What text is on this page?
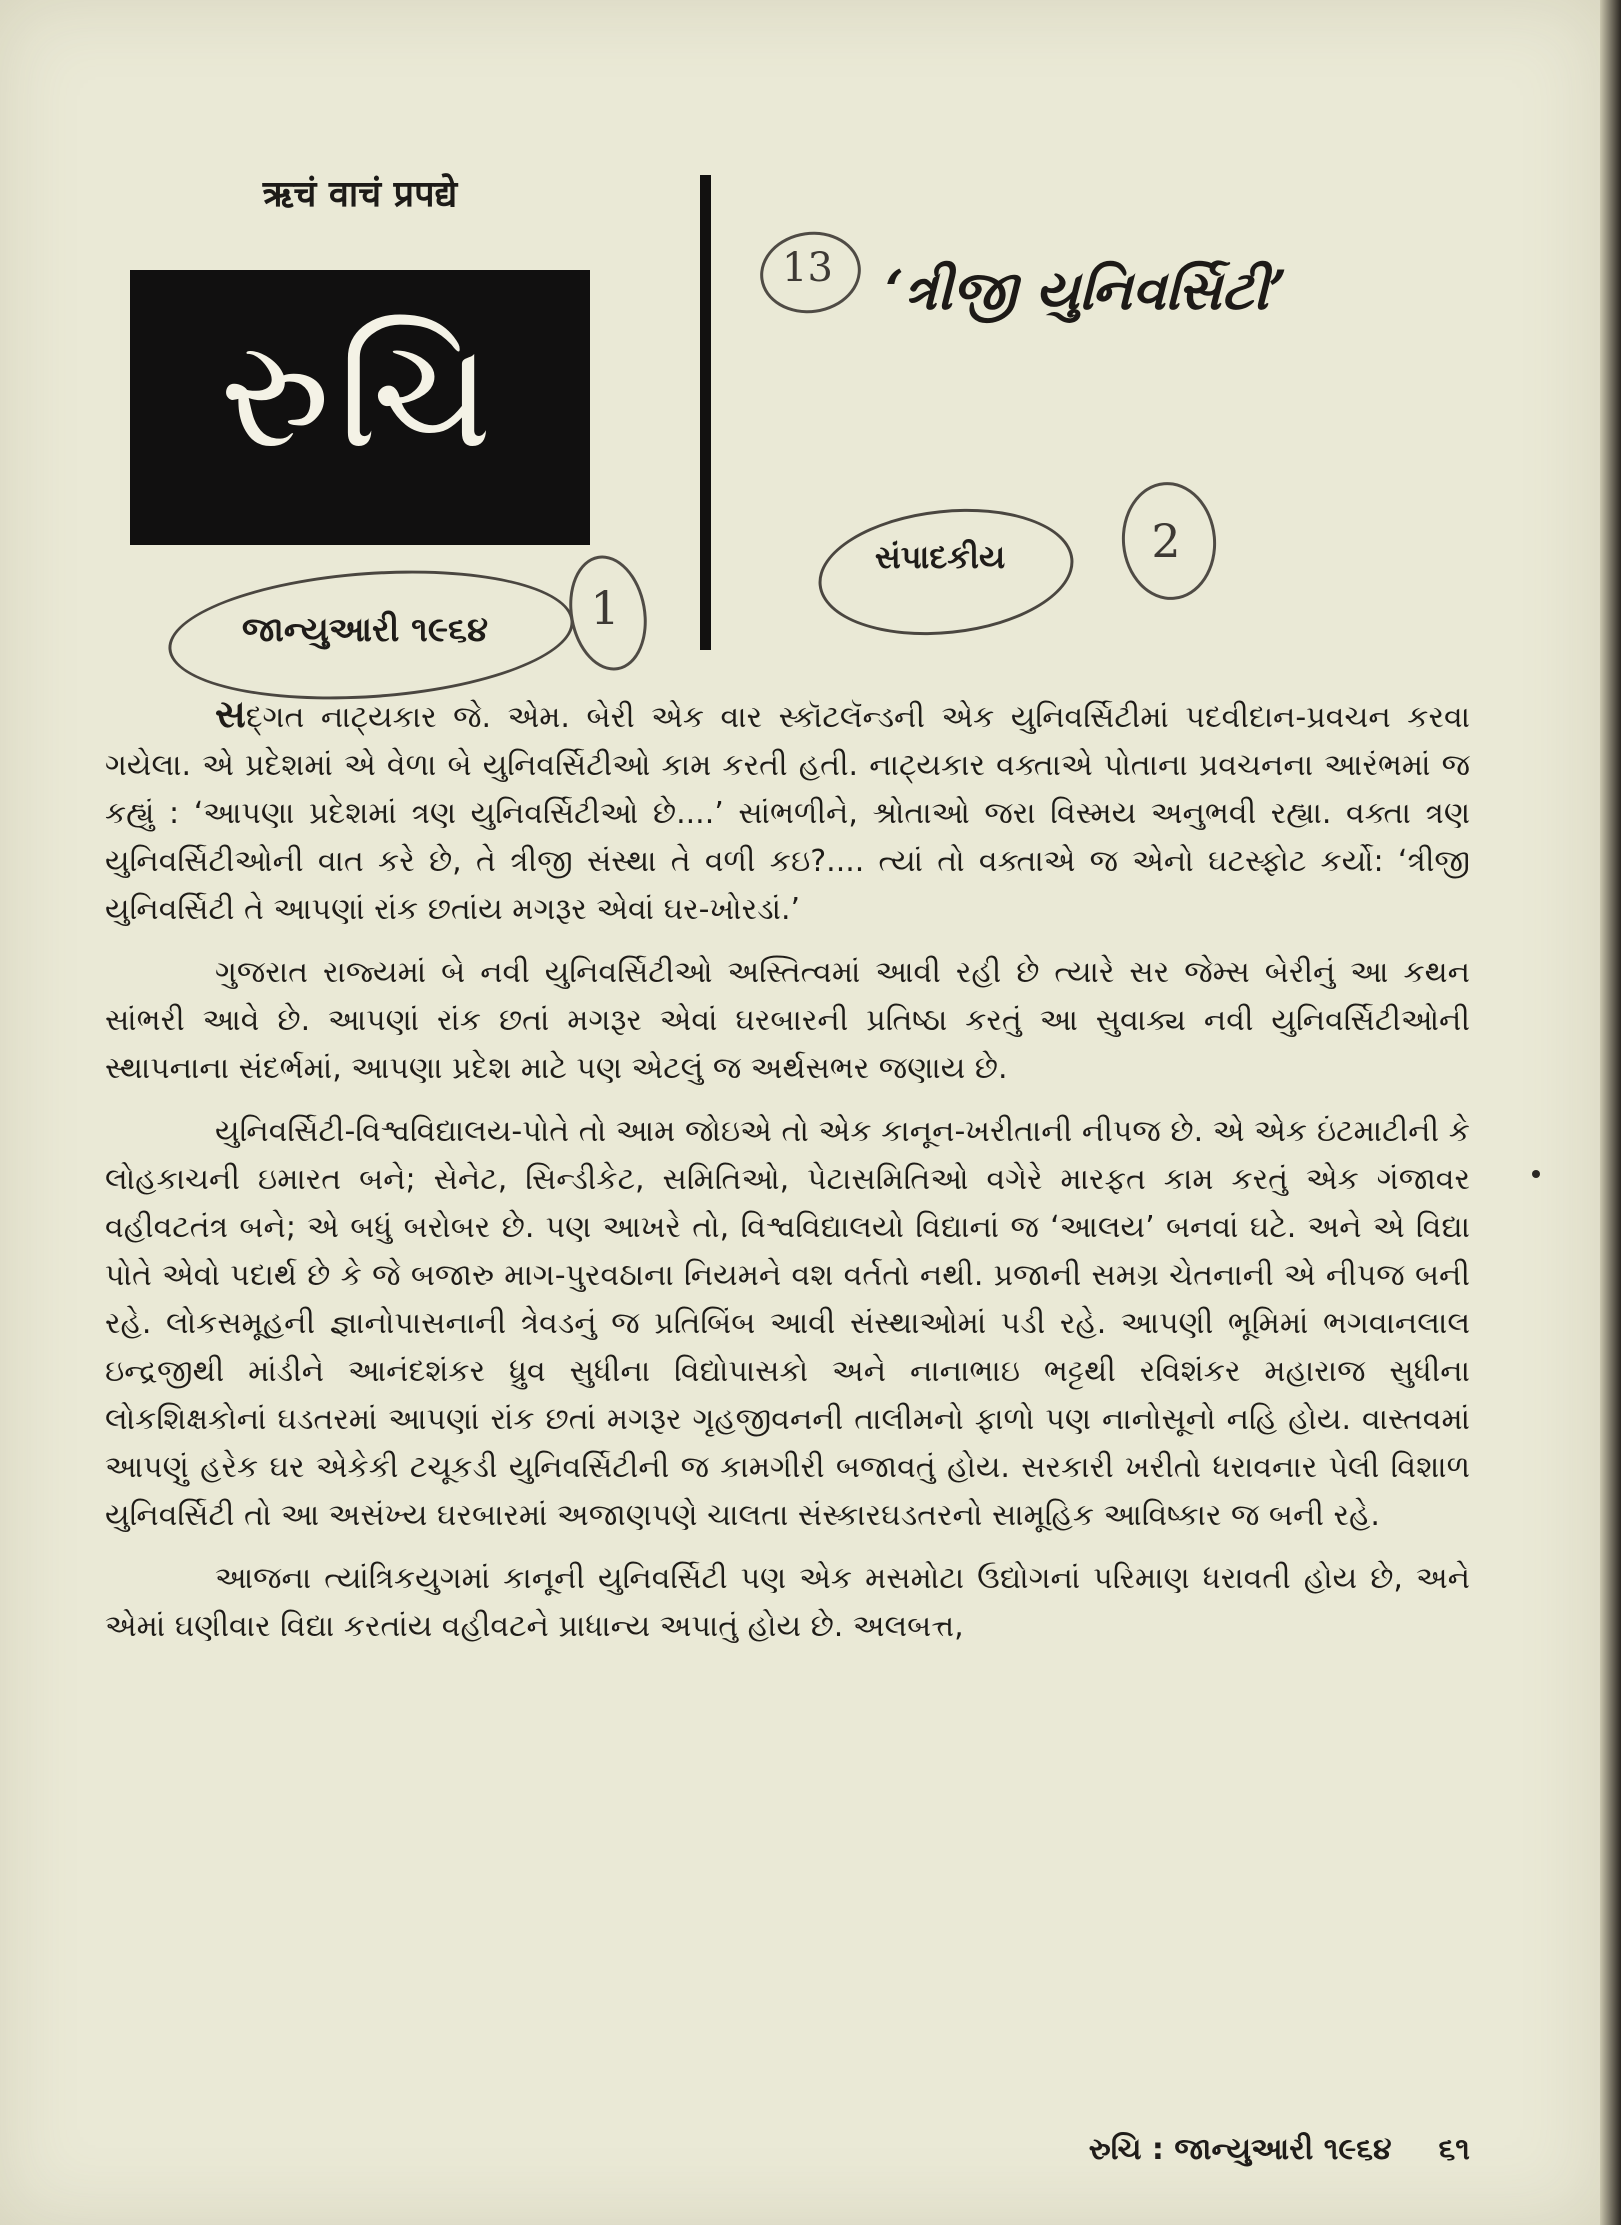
ऋचं वाचं प्रपद्ये
રુચિ
જાન્યુઆરી ૧૯૬૪	1
13 ‘ત્રીજી યુનિવર્સિટી’
સંપાદકીય	2

સદ્ગત નાટ્યકાર જે. એમ. બેરી એક વાર સ્કૉટલૅન્ડની એક યુનિવર્સિટીમાં પદવીદાન-પ્રવચન કરવા ગયેલા. એ પ્રદેશમાં એ વેળા બે યુનિવર્સિટીઓ કામ કરતી હતી. નાટ્યકાર વક્તાએ પોતાના પ્રવચનના આરંભમાં જ કહ્યું : ‘આપણા પ્રદેશમાં ત્રણ યુનિવર્સિટીઓ છે....’ સાંભળીને, શ્રોતાઓ જરા વિસ્મય અનુભવી રહ્યા. વક્તા ત્રણ યુનિવર્સિટીઓની વાત કરે છે, તે ત્રીજી સંસ્થા તે વળી કઇ?.... ત્યાં તો વક્તાએ જ એનો ઘટસ્ફોટ કર્યો: ‘ત્રીજી યુનિવર્સિટી તે આપણાં રાંક છતાંય મગરૂર એવાં ઘર-ખોરડાં.’

ગુજરાત રાજ્યમાં બે નવી યુનિવર્સિટીઓ અસ્તિત્વમાં આવી રહી છે ત્યારે સર જેમ્સ બેરીનું આ કથન સાંભરી આવે છે. આપણાં રાંક છતાં મગરૂર એવાં ઘરબારની પ્રતિષ્ઠા કરતું આ સુવાક્ય નવી યુનિવર્સિટીઓની સ્થાપનાના સંદર્ભમાં, આપણા પ્રદેશ માટે પણ એટલું જ અર્થસભર જણાય છે.

યુનિવર્સિટી-વિશ્વવિદ્યાલય-પોતે તો આમ જોઇએ તો એક કાનૂન-ખરીતાની નીપજ છે. એ એક ઇંટમાટીની કે લોહકાચની ઇમારત બને; સેનેટ, સિન્ડીકેટ, સમિતિઓ, પેટાસમિતિઓ વગેરે મારફત કામ કરતું એક ગંજાવર વહીવટતંત્ર બને; એ બધું બરોબર છે. પણ આખરે તો, વિશ્વવિદ્યાલયો વિદ્યાનાં જ ‘આલય’ બનવાં ઘટે. અને એ વિદ્યા પોતે એવો પદાર્થ છે કે જે બજારુ માગ-પુરવઠાના નિયમને વશ વર્તતો નથી. પ્રજાની સમગ્ર ચેતનાની એ નીપજ બની રહે. લોકસમૂહની જ્ઞાનોપાસનાની ત્રેવડનું જ પ્રતિબિંબ આવી સંસ્થાઓમાં પડી રહે. આપણી ભૂમિમાં ભગવાનલાલ ઇન્દ્રજીથી માંડીને આનંદશંકર ધ્રુવ સુધીના વિદ્યોપાસકો અને નાનાભાઇ ભટ્ટથી રવિશંકર મહારાજ સુધીના લોકશિક્ષકોનાં ઘડતરમાં આપણાં રાંક છતાં મગરૂર ગૃહજીવનની તાલીમનો ફાળો પણ નાનોસૂનો નહિ હોય. વાસ્તવમાં આપણું હરેક ઘર એકેકી ટચૂકડી યુનિવર્સિટીની જ કામગીરી બજાવતું હોય. સરકારી ખરીતો ધરાવનાર પેલી વિશાળ યુનિવર્સિટી તો આ અસંખ્ય ઘરબારમાં અજાણપણે ચાલતા સંસ્કારઘડતરનો સામૂહિક આવિષ્કાર જ બની રહે.

આજના ત્યાંત્રિકયુગમાં કાનૂની યુનિવર્સિટી પણ એક મસમોટા ઉદ્યોગનાં પરિમાણ ધરાવતી હોય છે, અને એમાં ઘણીવાર વિદ્યા કરતાંય વહીવટને પ્રાધાન્ય અપાતું હોય છે. અલબત્ત,

રુચિ : જાન્યુઆરી ૧૯૬૪ ૬૧
